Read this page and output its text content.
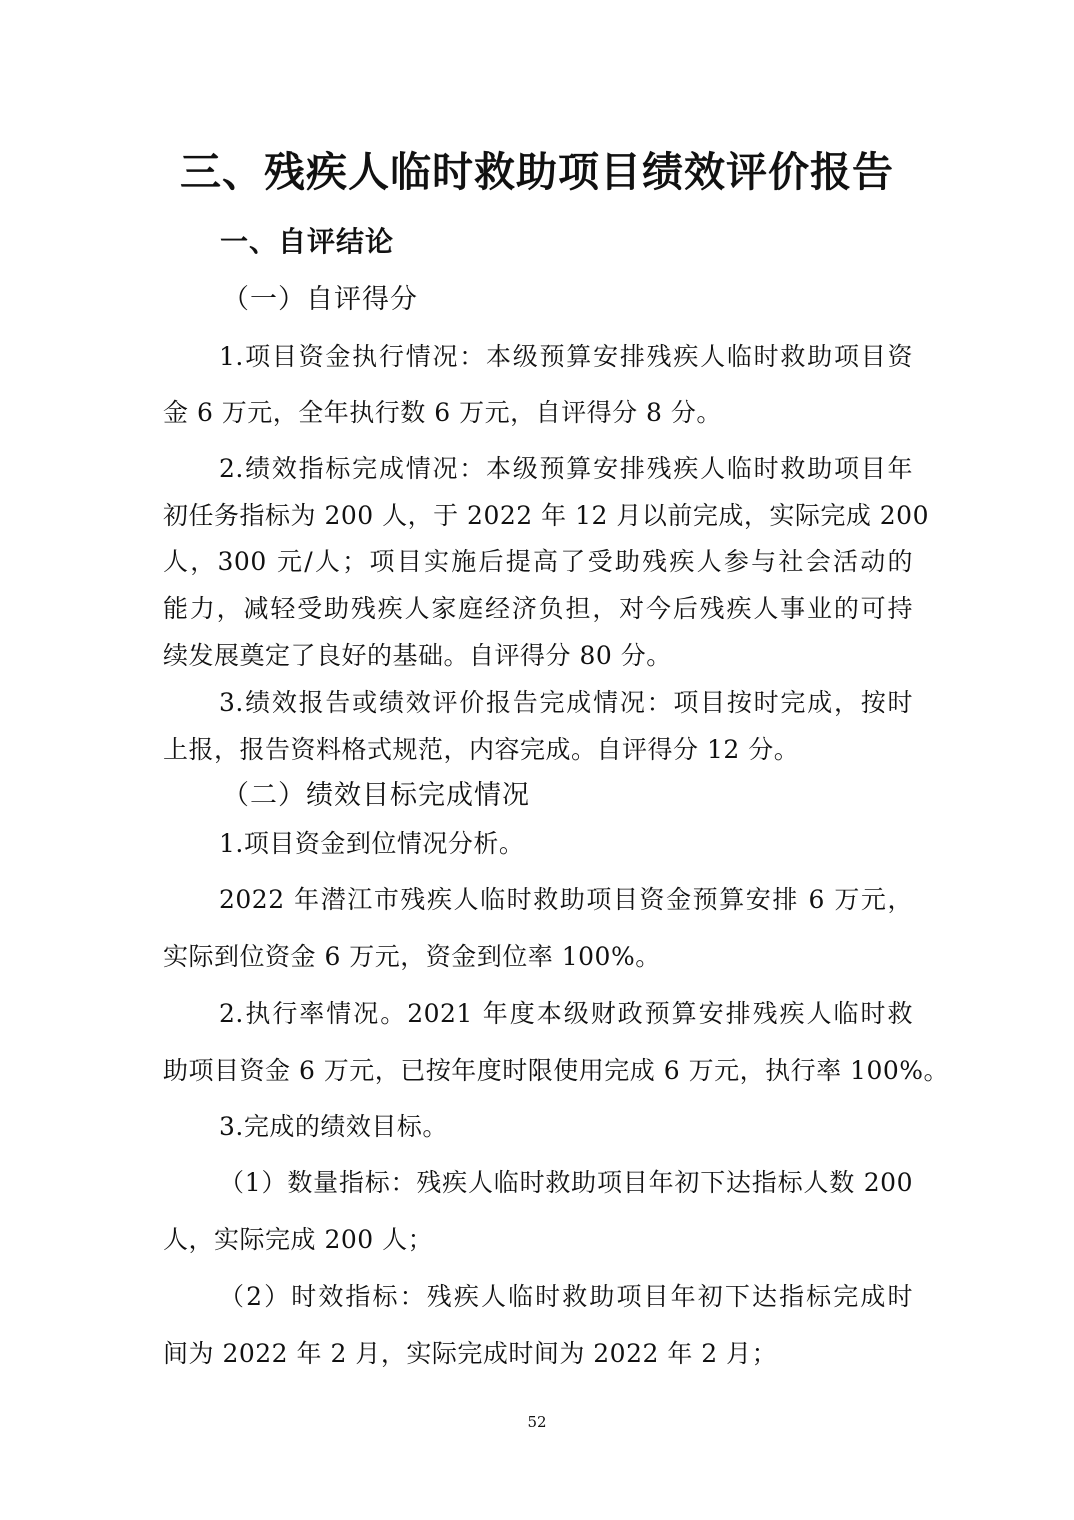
三、残疾人临时救助项目绩效评价报告
一、自评结论
（一）自评得分
1.项目资金执行情况：本级预算安排残疾人临时救助项目资
金 6 万元，全年执行数 6 万元，自评得分 8 分。
2.绩效指标完成情况：本级预算安排残疾人临时救助项目年
初任务指标为 200 人，于 2022 年 12 月以前完成，实际完成 200
人，300 元/人；项目实施后提高了受助残疾人参与社会活动的
能力，减轻受助残疾人家庭经济负担，对今后残疾人事业的可持
续发展奠定了良好的基础。自评得分 80 分。
3.绩效报告或绩效评价报告完成情况：项目按时完成，按时
上报，报告资料格式规范，内容完成。自评得分 12 分。
（二）绩效目标完成情况
1.项目资金到位情况分析。
2022 年潜江市残疾人临时救助项目资金预算安排 6 万元，
实际到位资金 6 万元，资金到位率 100%。
2.执行率情况。2021 年度本级财政预算安排残疾人临时救
助项目资金 6 万元，已按年度时限使用完成 6 万元，执行率 100%。
3.完成的绩效目标。
（1）数量指标：残疾人临时救助项目年初下达指标人数 200
人，实际完成 200 人；
（2）时效指标：残疾人临时救助项目年初下达指标完成时
间为 2022 年 2 月，实际完成时间为 2022 年 2 月；
52
